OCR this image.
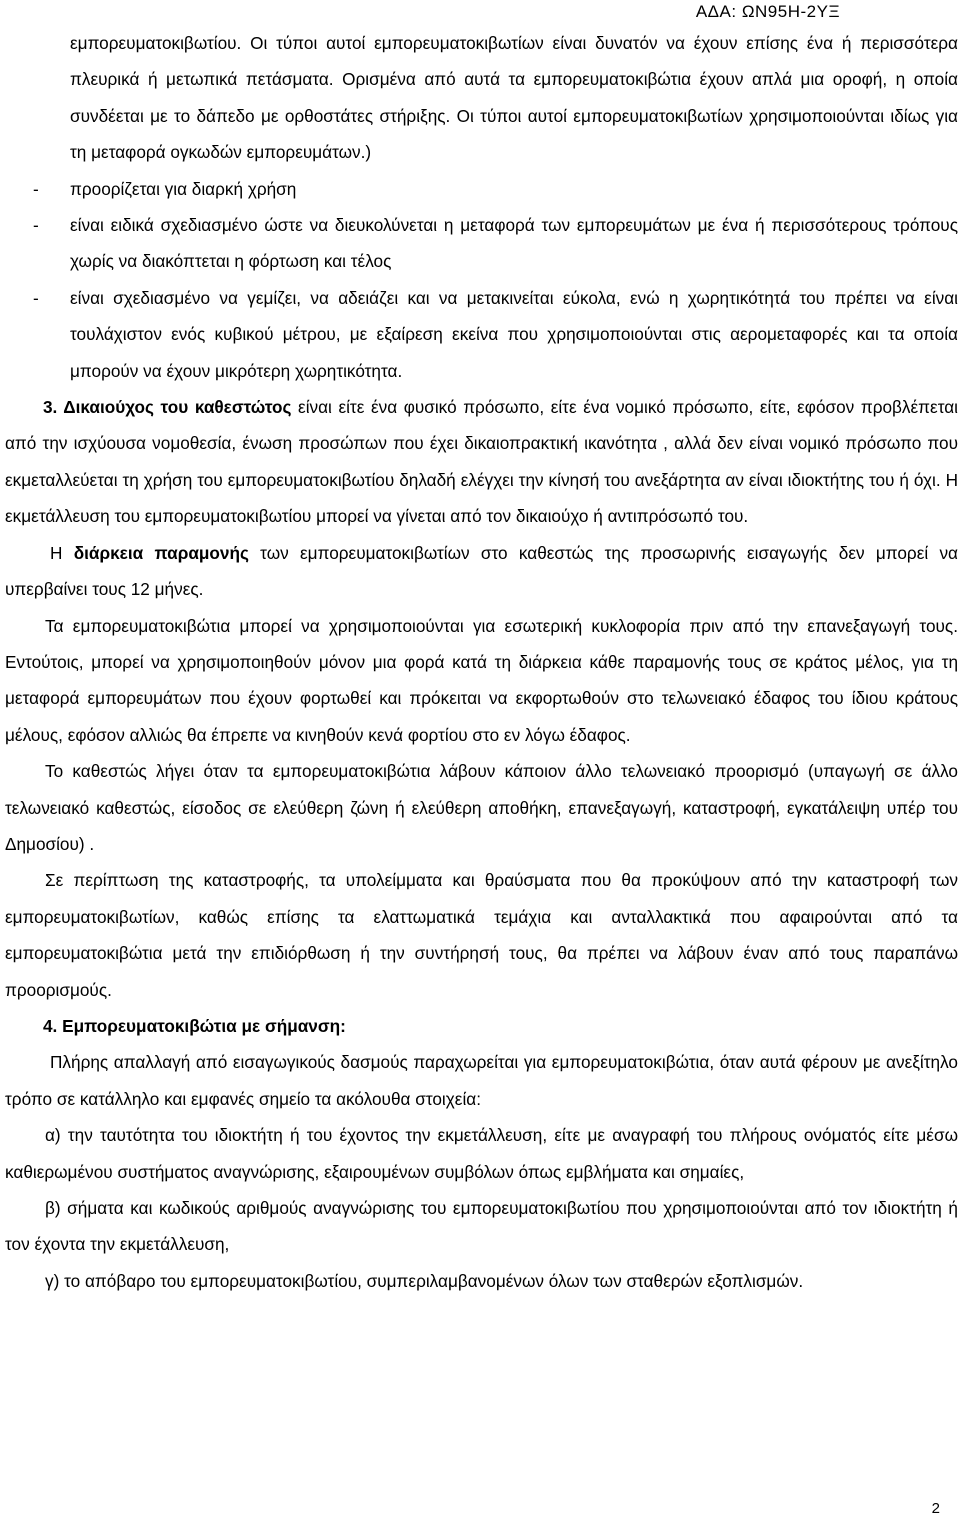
ΑΔΑ: ΩΝ95Η-2ΥΞ

εμπορευματοκιβωτίου. Οι τύποι αυτοί εμπορευματοκιβωτίων είναι δυνατόν να έχουν επίσης ένα ή περισσότερα πλευρικά ή μετωπικά πετάσματα. Ορισμένα από αυτά τα εμπορευματοκιβώτια έχουν απλά μια οροφή, η οποία συνδέεται με το δάπεδο με ορθοστάτες στήριξης. Οι τύποι αυτοί εμπορευματοκιβωτίων χρησιμοποιούνται ιδίως για τη μεταφορά ογκωδών εμπορευμάτων.)

- προορίζεται για διαρκή χρήση

- είναι ειδικά σχεδιασμένο ώστε να διευκολύνεται η μεταφορά των εμπορευμάτων με ένα ή περισσότερους τρόπους χωρίς να διακόπτεται η φόρτωση και τέλος

- είναι σχεδιασμένο να γεμίζει, να αδειάζει και να μετακινείται εύκολα, ενώ η χωρητικότητά του πρέπει να είναι τουλάχιστον ενός κυβικού μέτρου, με εξαίρεση εκείνα που χρησιμοποιούνται στις αερομεταφορές και τα οποία μπορούν να έχουν μικρότερη χωρητικότητα.

3. Δικαιούχος του καθεστώτος είναι είτε ένα φυσικό πρόσωπο, είτε ένα νομικό πρόσωπο, είτε, εφόσον προβλέπεται από την ισχύουσα νομοθεσία, ένωση προσώπων που έχει δικαιοπρακτική ικανότητα , αλλά δεν είναι νομικό πρόσωπο που εκμεταλλεύεται τη χρήση του εμπορευματοκιβωτίου δηλαδή ελέγχει την κίνησή του ανεξάρτητα αν είναι ιδιοκτήτης του ή όχι. Η εκμετάλλευση του εμπορευματοκιβωτίου μπορεί να γίνεται από τον δικαιούχο ή αντιπρόσωπό του.

Η διάρκεια παραμονής των εμπορευματοκιβωτίων στο καθεστώς της προσωρινής εισαγωγής δεν μπορεί να υπερβαίνει τους 12 μήνες.

Τα εμπορευματοκιβώτια μπορεί να χρησιμοποιούνται για εσωτερική κυκλοφορία πριν από την επανεξαγωγή τους. Εντούτοις, μπορεί να χρησιμοποιηθούν μόνον μια φορά κατά τη διάρκεια κάθε παραμονής τους σε κράτος μέλος, για τη μεταφορά εμπορευμάτων που έχουν φορτωθεί και πρόκειται να εκφορτωθούν στο τελωνειακό έδαφος του ίδιου κράτους μέλους, εφόσον αλλιώς θα έπρεπε να κινηθούν κενά φορτίου στο εν λόγω έδαφος.

Το καθεστώς λήγει όταν τα εμπορευματοκιβώτια λάβουν κάποιον άλλο τελωνειακό προορισμό (υπαγωγή σε άλλο τελωνειακό καθεστώς, είσοδος σε ελεύθερη ζώνη ή ελεύθερη αποθήκη, επανεξαγωγή, καταστροφή, εγκατάλειψη υπέρ του Δημοσίου) .

Σε περίπτωση της καταστροφής, τα υπολείμματα και θραύσματα που θα προκύψουν από την καταστροφή των εμπορευματοκιβωτίων, καθώς επίσης τα ελαττωματικά τεμάχια και ανταλλακτικά που αφαιρούνται από τα εμπορευματοκιβώτια μετά την επιδιόρθωση ή την συντήρησή τους, θα πρέπει να λάβουν έναν από τους παραπάνω προορισμούς.

4. Εμπορευματοκιβώτια με σήμανση:

Πλήρης απαλλαγή από εισαγωγικούς δασμούς παραχωρείται για εμπορευματοκιβώτια, όταν αυτά φέρουν με ανεξίτηλο τρόπο σε κατάλληλο και εμφανές σημείο τα ακόλουθα στοιχεία:

α) την ταυτότητα του ιδιοκτήτη ή του έχοντος την εκμετάλλευση, είτε με αναγραφή του πλήρους ονόματός είτε μέσω καθιερωμένου συστήματος αναγνώρισης, εξαιρουμένων συμβόλων όπως εμβλήματα και σημαίες,

β) σήματα και κωδικούς αριθμούς αναγνώρισης του εμπορευματοκιβωτίου που χρησιμοποιούνται από τον ιδιοκτήτη ή τον έχοντα την εκμετάλλευση,

γ) το απόβαρο του εμπορευματοκιβωτίου, συμπεριλαμβανομένων όλων των σταθερών εξοπλισμών.

2
